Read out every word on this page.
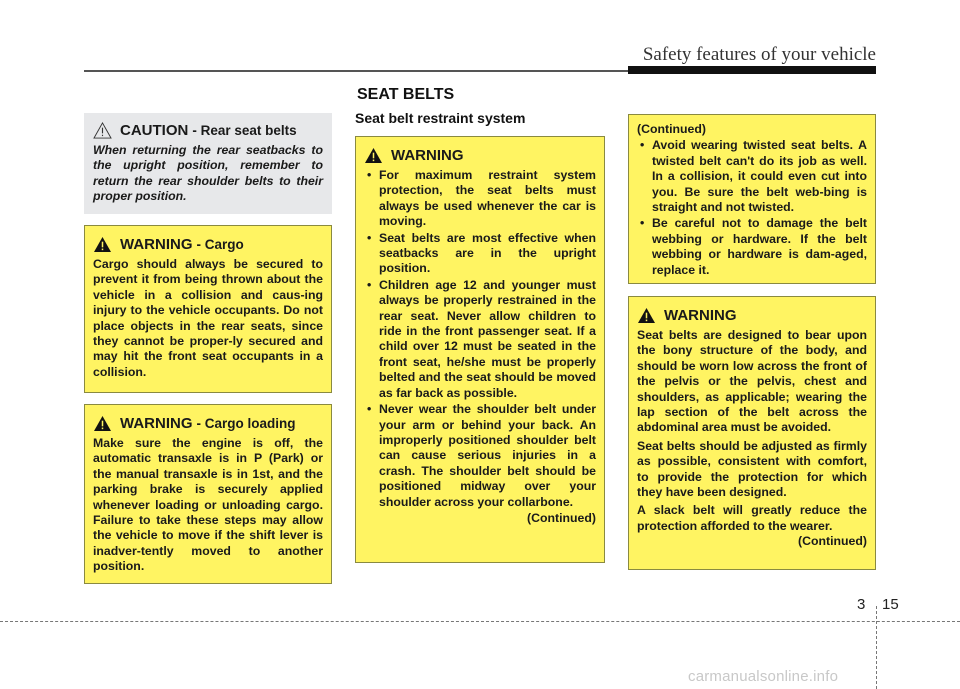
Safety features of your vehicle
SEAT BELTS
Seat belt restraint system
CAUTION - Rear seat belts

When returning the rear seatbacks to the upright position, remember to return the rear shoulder belts to their proper position.

WARNING - Cargo

Cargo should always be secured to prevent it from being thrown about the vehicle in a collision and caus-ing injury to the vehicle occupants. Do not place objects in the rear seats, since they cannot be proper-ly secured and may hit the front seat occupants in a collision.

WARNING - Cargo loading

Make sure the engine is off, the automatic transaxle is in P (Park) or the manual transaxle is in 1st, and the parking brake is securely applied whenever loading or unloading cargo. Failure to take these steps may allow the vehicle to move if the shift lever is inadver-tently moved to another position.

WARNING
• For maximum restraint system protection, the seat belts must always be used whenever the car is moving.
• Seat belts are most effective when seatbacks are in the upright position.
• Children age 12 and younger must always be properly restrained in the rear seat. Never allow children to ride in the front passenger seat. If a child over 12 must be seated in the front seat, he/she must be properly belted and the seat should be moved as far back as possible.
• Never wear the shoulder belt under your arm or behind your back. An improperly positioned shoulder belt can cause serious injuries in a crash. The shoulder belt should be positioned midway over your shoulder across your collarbone.

(Continued)

(Continued)

• Avoid wearing twisted seat belts. A twisted belt can't do its job as well. In a collision, it could even cut into you. Be sure the belt web-bing is straight and not twisted.
• Be careful not to damage the belt webbing or hardware. If the belt webbing or hardware is dam-aged, replace it.
WARNING

Seat belts are designed to bear upon the bony structure of the body, and should be worn low across the front of the pelvis or the pelvis, chest and shoulders, as applicable; wearing the lap section of the belt across the abdominal area must be avoided.

Seat belts should be adjusted as firmly as possible, consistent with comfort, to provide the protection for which they have been designed.

A slack belt will greatly reduce the protection afforded to the wearer.

(Continued)

3 15
carmanualsonline.info
